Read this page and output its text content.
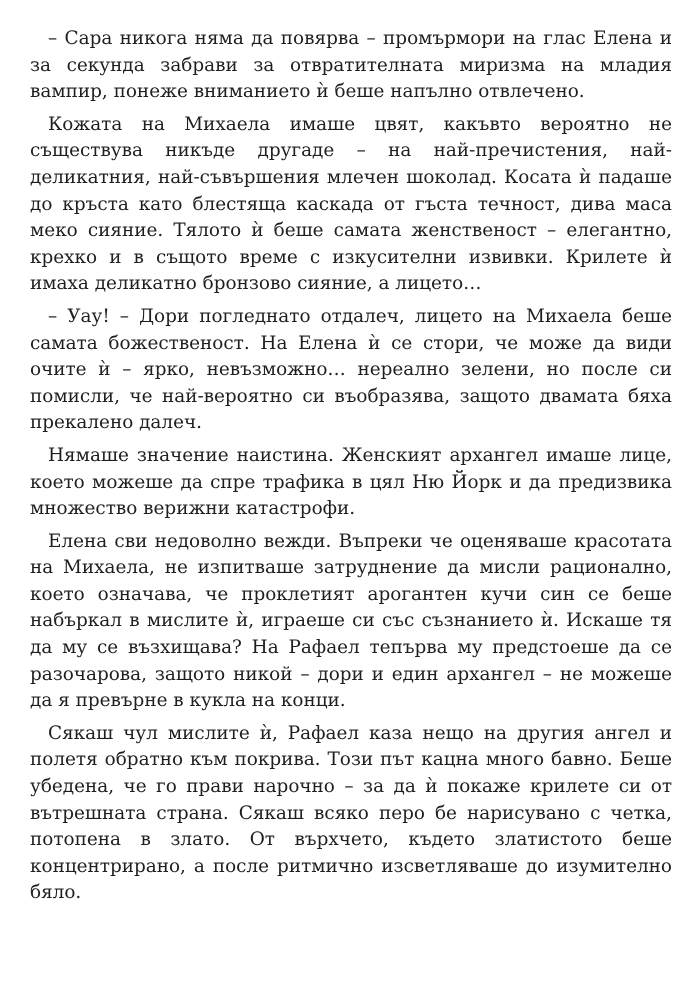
– Сара никога няма да повярва – промърмори на глас Елена и за секунда забрави за отвратителната миризма на младия вампир, понеже вниманието ѝ беше напълно отвлечено.

Кожата на Михаела имаше цвят, какъвто вероятно не съществува никъде другаде – на най-пречистения, най-деликатния, най-съвършения млечен шоколад. Косата ѝ падаше до кръста като блестяща каскада от гъста течност, дива маса меко сияние. Тялото ѝ беше самата женственост – елегантно, крехко и в същото време с изкусителни извивки. Крилете ѝ имаха деликатно бронзово сияние, а лицето…

– Уау! – Дори погледнато отдалеч, лицето на Михаела беше самата божественост. На Елена ѝ се стори, че може да види очите ѝ – ярко, невъзможно… нереално зелени, но после си помисли, че най-вероятно си въобразява, защото двамата бяха прекалено далеч.

Нямаше значение наистина. Женският архангел имаше лице, което можеше да спре трафика в цял Ню Йорк и да предизвика множество верижни катастрофи.

Елена сви недоволно вежди. Въпреки че оценяваше красотата на Михаела, не изпитваше затруднение да мисли рационално, което означава, че проклетият арогантен кучи син се беше набъркал в мислите ѝ, играеше си със съзнанието ѝ. Искаше тя да му се възхищава? На Рафаел тепърва му предстоеше да се разочарова, защото никой – дори и един архангел – не можеше да я превърне в кукла на конци.

Сякаш чул мислите ѝ, Рафаел каза нещо на другия ангел и полетя обратно към покрива. Този път кацна много бавно. Беше убедена, че го прави нарочно – за да ѝ покаже крилете си от вътрешната страна. Сякаш всяко перо бе нарисувано с четка, потопена в злато. От върхчето, където златистото беше концентрирано, а после ритмично изсветляваше до изумително бяло.
